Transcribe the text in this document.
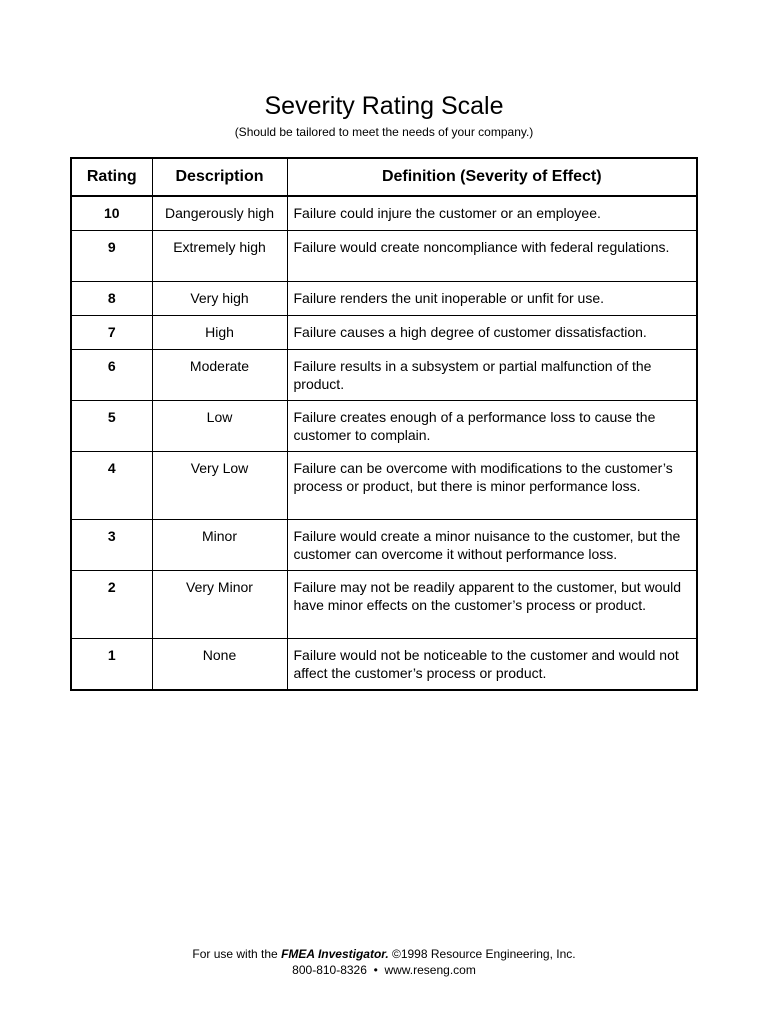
Severity Rating Scale
(Should be tailored to meet the needs of your company.)
Rating	Description	Definition (Severity of Effect)
10	Dangerously high	Failure could injure the customer or an employee.
9	Extremely high	Failure would create noncompliance with federal regulations.
8	Very high	Failure renders the unit inoperable or unfit for use.
7	High	Failure causes a high degree of customer dissatisfaction.
6	Moderate	Failure results in a subsystem or partial malfunction of the product.
5	Low	Failure creates enough of a performance loss to cause the customer to complain.
4	Very Low	Failure can be overcome with modifications to the customer’s process or product, but there is minor performance loss.
3	Minor	Failure would create a minor nuisance to the customer, but the customer can overcome it without performance loss.
2	Very Minor	Failure may not be readily apparent to the customer, but would have minor effects on the customer’s process or product.
1	None	Failure would not be noticeable to the customer and would not affect the customer’s process or product.
For use with the FMEA Investigator. ©1998 Resource Engineering, Inc.
800-810-8326 • www.reseng.com
